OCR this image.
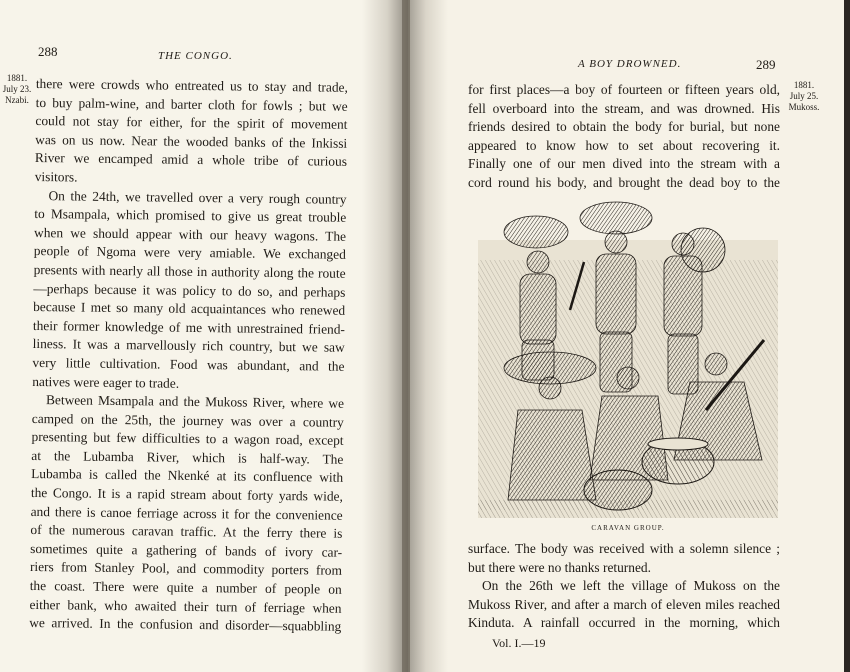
288	THE CONGO.
1881.
July 23.
Nzabi.
there were crowds who entreated us to stay and trade,
to buy palm-wine, and barter cloth for fowls ; but we
could not stay for either, for the spirit of movement
was on us now. Near the wooded banks of the Inkissi
River we encamped amid a whole tribe of curious
visitors.
On the 24th, we travelled over a very rough country
to Msampala, which promised to give us great trouble
when we should appear with our heavy wagons. The
people of Ngoma were very amiable. We exchanged
presents with nearly all those in authority along the route
—perhaps because it was policy to do so, and perhaps
because I met so many old acquaintances who renewed
their former knowledge of me with unrestrained friend-
liness. It was a marvellously rich country, but we saw
very little cultivation. Food was abundant, and the
natives were eager to trade.
Between Msampala and the Mukoss River, where we
camped on the 25th, the journey was over a country
presenting but few difficulties to a wagon road, except
at the Lubamba River, which is half-way. The
Lubamba is called the Nkenké at its confluence with
the Congo. It is a rapid stream about forty yards wide,
and there is canoe ferriage across it for the convenience
of the numerous caravan traffic. At the ferry there is
sometimes quite a gathering of bands of ivory car-
riers from Stanley Pool, and commodity porters from
the coast. There were quite a number of people on
either bank, who awaited their turn of ferriage when
we arrived. In the confusion and disorder—squabbling
A BOY DROWNED.	289
1881.
July 25.
Mukoss.
for first places—a boy of fourteen or fifteen years old,
fell overboard into the stream, and was drowned. His
friends desired to obtain the body for burial, but none
appeared to know how to set about recovering it.
Finally one of our men dived into the stream with a
cord round his body, and brought the dead boy to the
CARAVAN GROUP.
surface. The body was received with a solemn silence ;
but there were no thanks returned.
On the 26th we left the village of Mukoss on the
Mukoss River, and after a march of eleven miles reached
Kinduta. A rainfall occurred in the morning, which
Vol. I.—19
